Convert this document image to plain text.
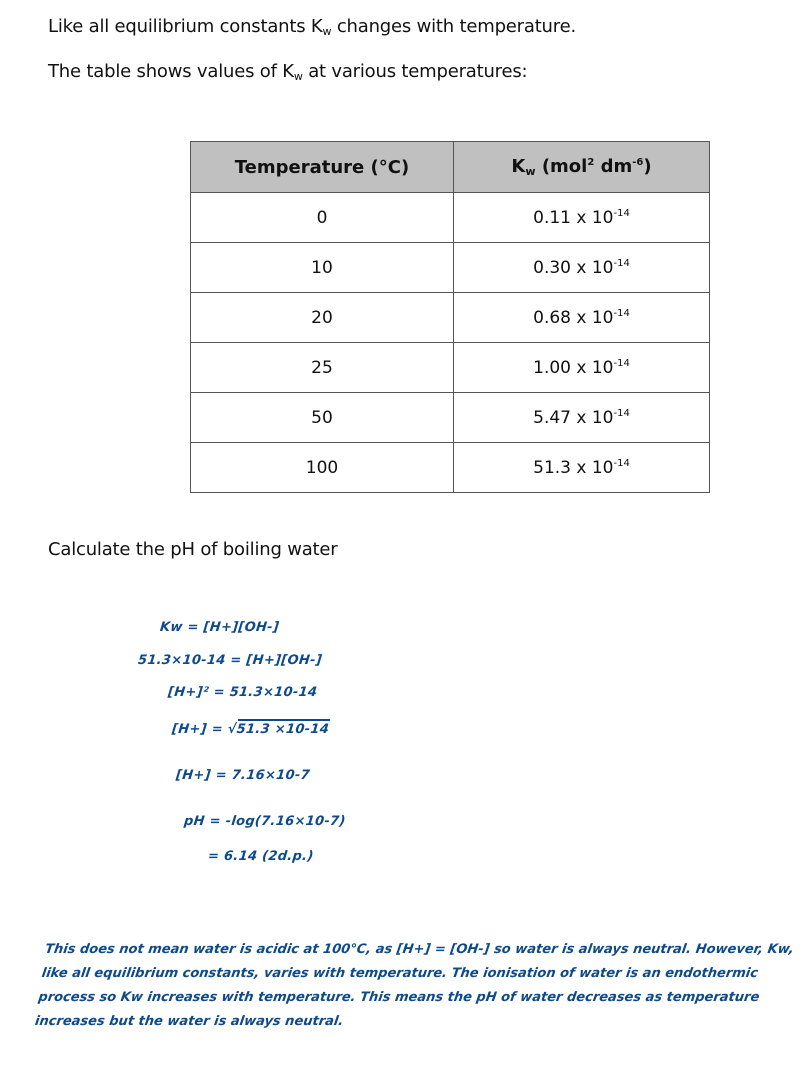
Like all equilibrium constants $K_w$ changes with temperature.

The table shows values of $K_w$ at various temperatures:

Temperature (°C)	$K_w$ (mol$^2$ $dm^{-6}$)
0	0.11 x $10^{-14}$
10	0.30 x $10^{-14}$
20	0.68 x $10^{-14}$
25	1.00 x $10^{-14}$
50	5.47 x $10^{-14}$
100	51.3 x $10^{-14}$

Calculate the pH of boiling water

Kw = [H+][OH-]
51.3×10-14 = [H+][OH-]
[H+]² = 51.3×10-14
[H+] = √51.3 ×10-14
[H+] = 7.16×10-7
pH = -log(7.16×10-7)
= 6.14 (2d.p.)
This does not mean water is acidic at 100°C, as [H+] = [OH-] so water is always neutral. However, Kw, like all equilibrium constants, varies with temperature. The ionisation of water is an endothermic process so Kw increases with temperature. This means the pH of water decreases as temperature increases but the water is always neutral.
